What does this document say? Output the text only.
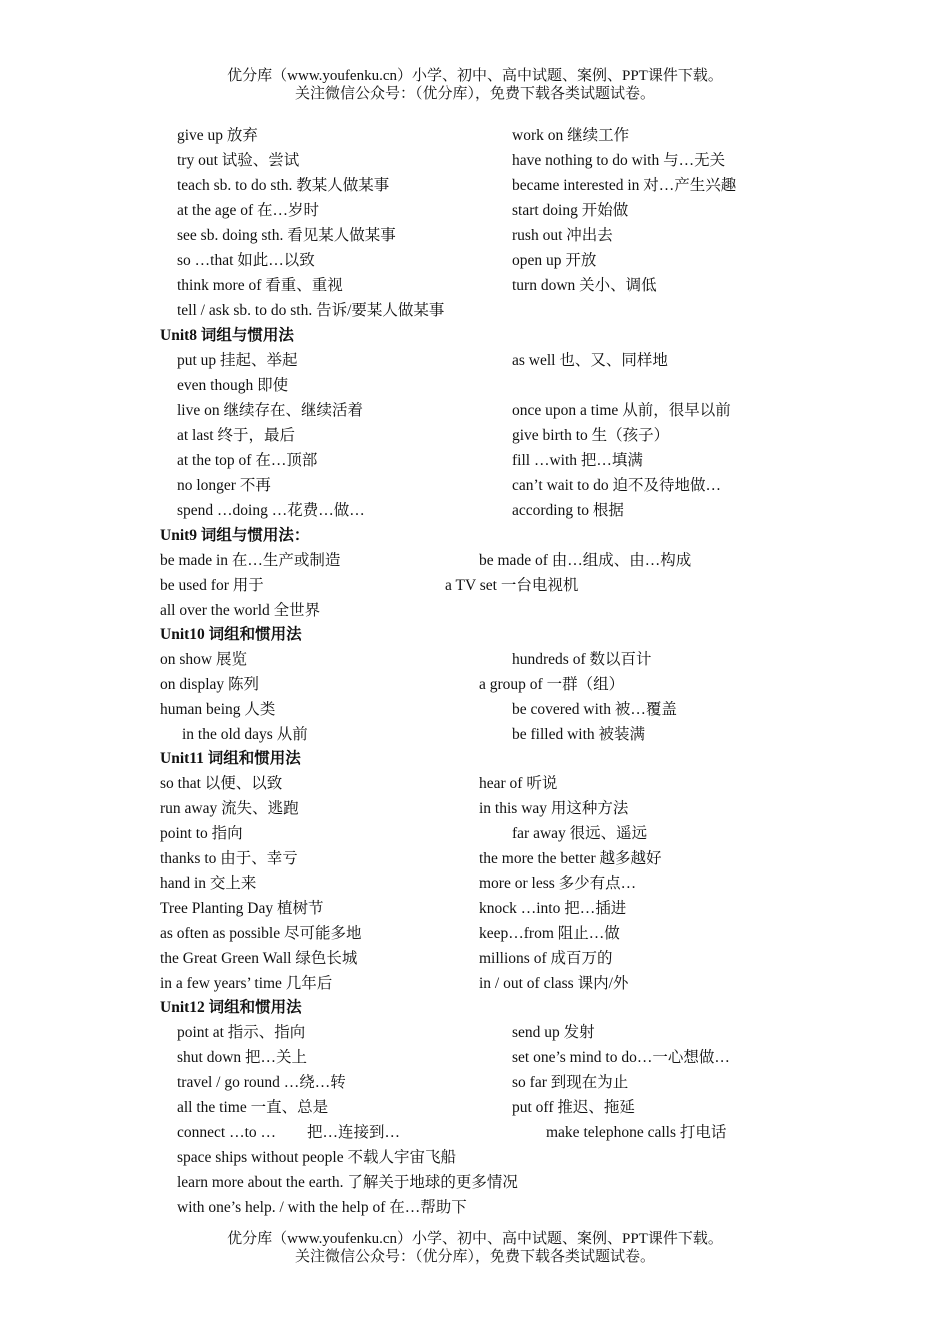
优分库（www.youfenku.cn）小学、初中、高中试题、案例、PPT课件下载。
关注微信公众号：（优分库），免费下载各类试题试卷。
give up 放弃	work on 继续工作
try out 试验、尝试	have nothing to do with 与…无关
teach sb. to do sth. 教某人做某事	became interested in 对…产生兴趣
at the age of 在…岁时	start doing 开始做
see sb. doing sth. 看见某人做某事	rush out 冲出去
so …that 如此…以致	open up 开放
think more of 看重、重视	turn down 关小、调低
tell / ask sb. to do sth. 告诉/要某人做某事
Unit8 词组与惯用法
put up 挂起、举起	as well 也、又、同样地
even though 即使
live on 继续存在、继续活着	once upon a time 从前，很早以前
at last 终于，最后	give birth to 生（孩子）
at the top of 在…顶部	fill …with 把…填满
no longer 不再	can’t wait to do 迫不及待地做…
spend …doing …花费…做…	according to 根据
Unit9 词组与惯用法：
be made in 在…生产或制造	be made of 由…组成、由…构成
be used for 用于	a TV set 一台电视机
all over the world 全世界
Unit10 词组和惯用法
on show 展览	hundreds of 数以百计
on display 陈列	a group of 一群（组）
human being 人类	be covered with 被…覆盖
in the old days 从前	be filled with 被装满
Unit11 词组和惯用法
so that 以便、以致	hear of 听说
run away 流失、逃跑	in this way 用这种方法
point to 指向	far away 很远、遥远
thanks to 由于、幸亏	the more the better 越多越好
hand in 交上来	more or less 多少有点…
Tree Planting Day 植树节	knock …into 把…插进
as often as possible 尽可能多地	keep…from 阻止…做
the Great Green Wall 绿色长城	millions of 成百万的
in a few years’ time 几年后	in / out of class 课内/外
Unit12 词组和惯用法
point at 指示、指向	send up 发射
shut down 把…关上	set one’s mind to do…一心想做…
travel / go round …绕…转	so far 到现在为止
all the time 一直、总是	put off 推迟、拖延
connect …to …　　把…连接到…	make telephone calls 打电话
space ships without people 不载人宇宙飞船
learn more about the earth. 了解关于地球的更多情况
with one’s help. / with the help of 在…帮助下
优分库（www.youfenku.cn）小学、初中、高中试题、案例、PPT课件下载。
关注微信公众号：（优分库），免费下载各类试题试卷。
